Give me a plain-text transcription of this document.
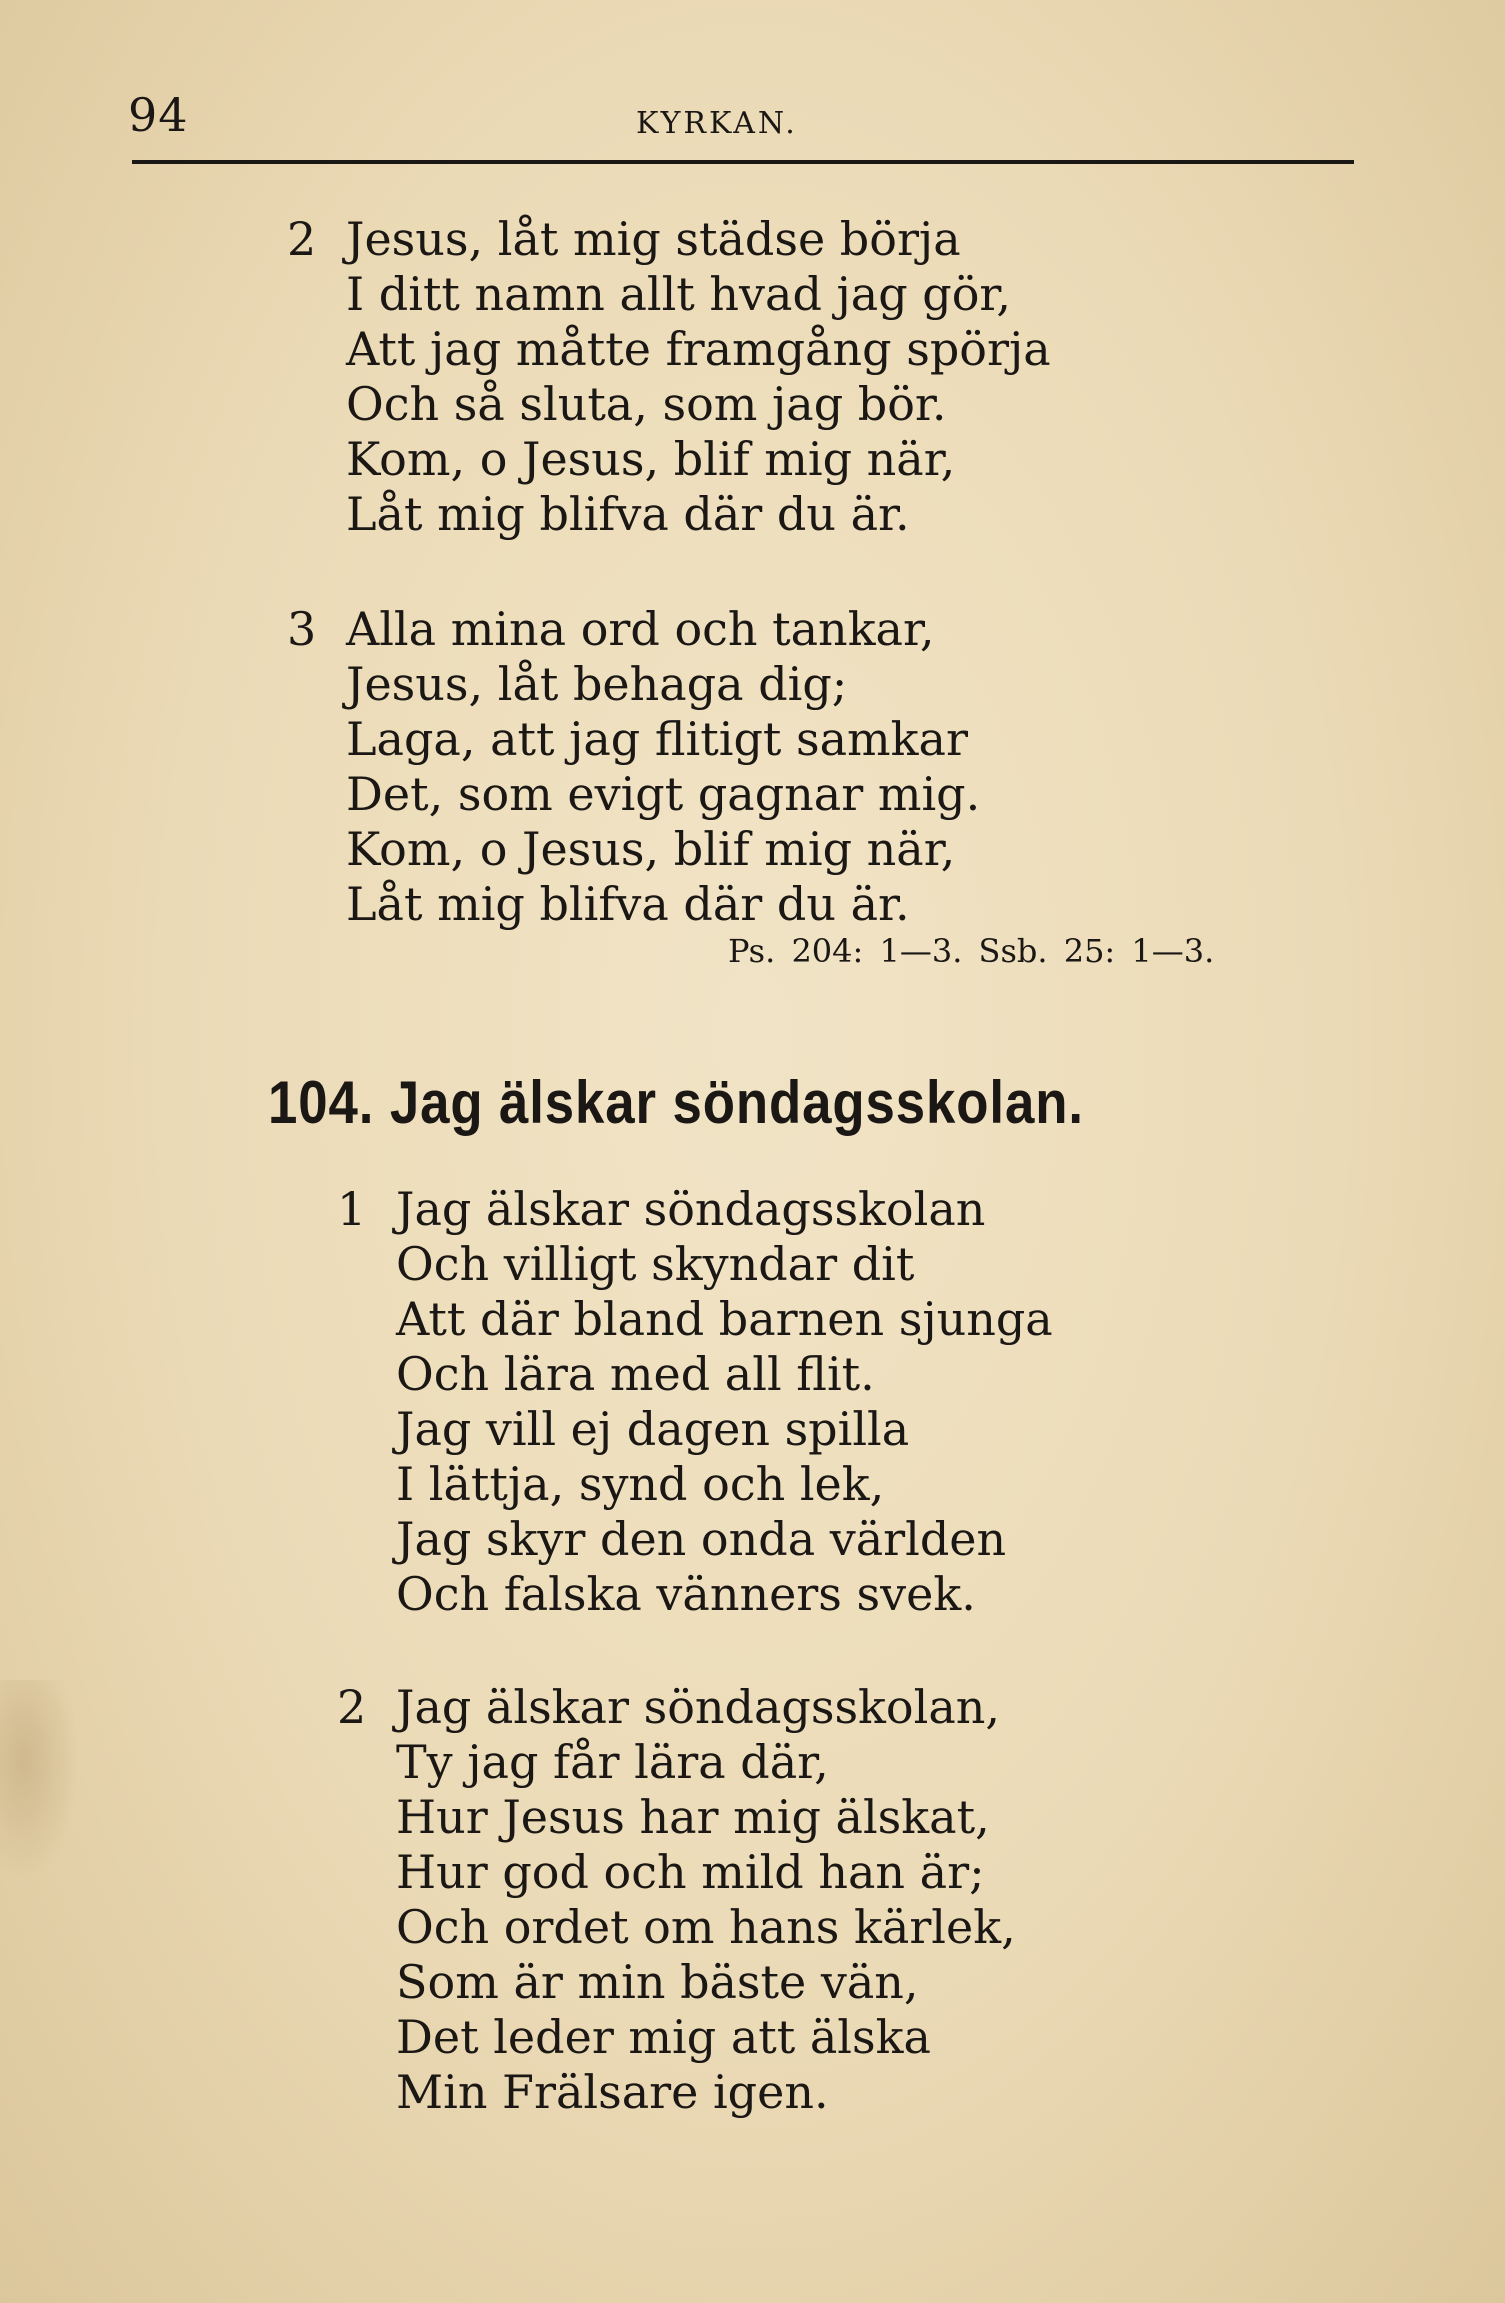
94	KYRKAN.
2 Jesus, låt mig städse börja
I ditt namn allt hvad jag gör,
Att jag måtte framgång spörja
Och så sluta, som jag bör.
Kom, o Jesus, blif mig när,
Låt mig blifva där du är.
3 Alla mina ord och tankar,
Jesus, låt behaga dig;
Laga, att jag flitigt samkar
Det, som evigt gagnar mig.
Kom, o Jesus, blif mig när,
Låt mig blifva där du är.
Ps. 204: 1—3. Ssb. 25: 1—3.
104. Jag älskar söndagsskolan.
1 Jag älskar söndagsskolan
Och villigt skyndar dit
Att där bland barnen sjunga
Och lära med all flit.
Jag vill ej dagen spilla
I lättja, synd och lek,
Jag skyr den onda världen
Och falska vänners svek.
2 Jag älskar söndagsskolan,
Ty jag får lära där,
Hur Jesus har mig älskat,
Hur god och mild han är;
Och ordet om hans kärlek,
Som är min bäste vän,
Det leder mig att älska
Min Frälsare igen.
